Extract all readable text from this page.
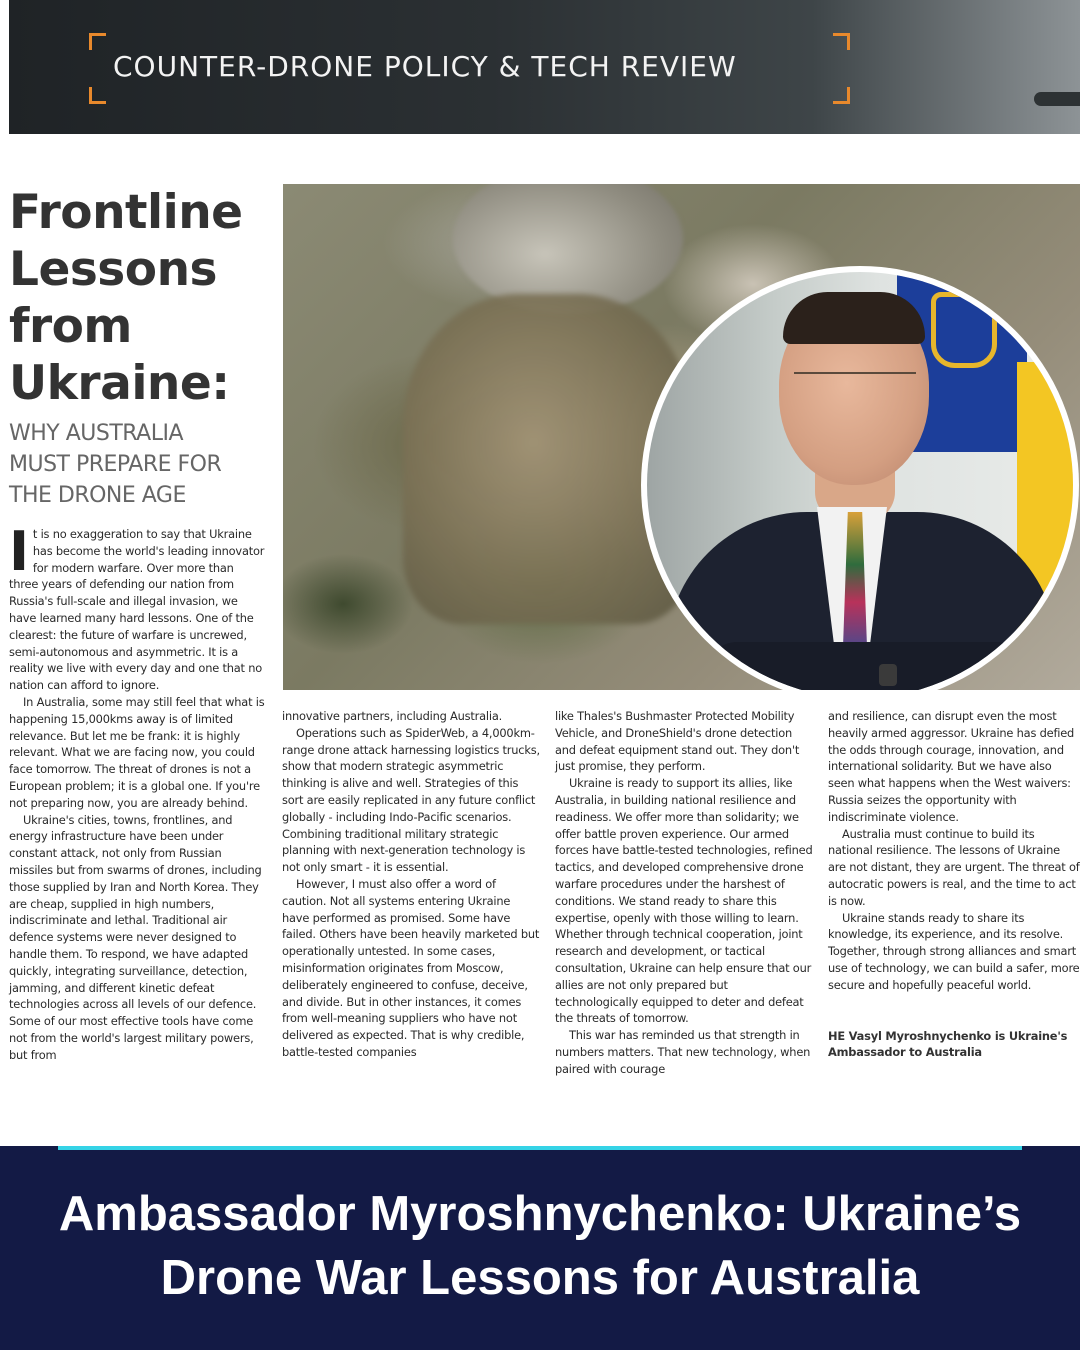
COUNTER-DRONE POLICY & TECH REVIEW
Frontline
Lessons
from
Ukraine:
WHY AUSTRALIA
MUST PREPARE FOR
THE DRONE AGE

It is no exaggeration to say that Ukraine has become the world's leading innovator for modern warfare. Over more than three years of defending our nation from Russia's full-scale and illegal invasion, we have learned many hard lessons. One of the clearest: the future of warfare is uncrewed, semi-autonomous and asymmetric. It is a reality we live with every day and one that no nation can afford to ignore.

In Australia, some may still feel that what is happening 15,000kms away is of limited relevance. But let me be frank: it is highly relevant. What we are facing now, you could face tomorrow. The threat of drones is not a European problem; it is a global one. If you're not preparing now, you are already behind.

Ukraine's cities, towns, frontlines, and energy infrastructure have been under constant attack, not only from Russian missiles but from swarms of drones, including those supplied by Iran and North Korea. They are cheap, supplied in high numbers, indiscriminate and lethal. Traditional air defence systems were never designed to handle them. To respond, we have adapted quickly, integrating surveillance, detection, jamming, and different kinetic defeat technologies across all levels of our defence. Some of our most effective tools have come not from the world's largest military powers, but from

innovative partners, including Australia.

Operations such as SpiderWeb, a 4,000km-range drone attack harnessing logistics trucks, show that modern strategic asymmetric thinking is alive and well. Strategies of this sort are easily replicated in any future conflict globally - including Indo-Pacific scenarios. Combining traditional military strategic planning with next-generation technology is not only smart - it is essential.

However, I must also offer a word of caution. Not all systems entering Ukraine have performed as promised. Some have failed. Others have been heavily marketed but operationally untested. In some cases, misinformation originates from Moscow, deliberately engineered to confuse, deceive, and divide. But in other instances, it comes from well-meaning suppliers who have not delivered as expected. That is why credible, battle-tested companies

like Thales's Bushmaster Protected Mobility Vehicle, and DroneShield's drone detection and defeat equipment stand out. They don't just promise, they perform.

Ukraine is ready to support its allies, like Australia, in building national resilience and readiness. We offer more than solidarity; we offer battle proven experience. Our armed forces have battle-tested technologies, refined tactics, and developed comprehensive drone warfare procedures under the harshest of conditions. We stand ready to share this expertise, openly with those willing to learn. Whether through technical cooperation, joint research and development, or tactical consultation, Ukraine can help ensure that our allies are not only prepared but technologically equipped to deter and defeat the threats of tomorrow.

This war has reminded us that strength in numbers matters. That new technology, when paired with courage

and resilience, can disrupt even the most heavily armed aggressor. Ukraine has defied the odds through courage, innovation, and international solidarity. But we have also seen what happens when the West waivers: Russia seizes the opportunity with indiscriminate violence.

Australia must continue to build its national resilience. The lessons of Ukraine are not distant, they are urgent. The threat of autocratic powers is real, and the time to act is now.

Ukraine stands ready to share its knowledge, its experience, and its resolve. Together, through strong alliances and smart use of technology, we can build a safer, more secure and hopefully peaceful world.

HE Vasyl Myroshnychenko is Ukraine's Ambassador to Australia

Ambassador Myroshnychenko: Ukraine’s
Drone War Lessons for Australia
